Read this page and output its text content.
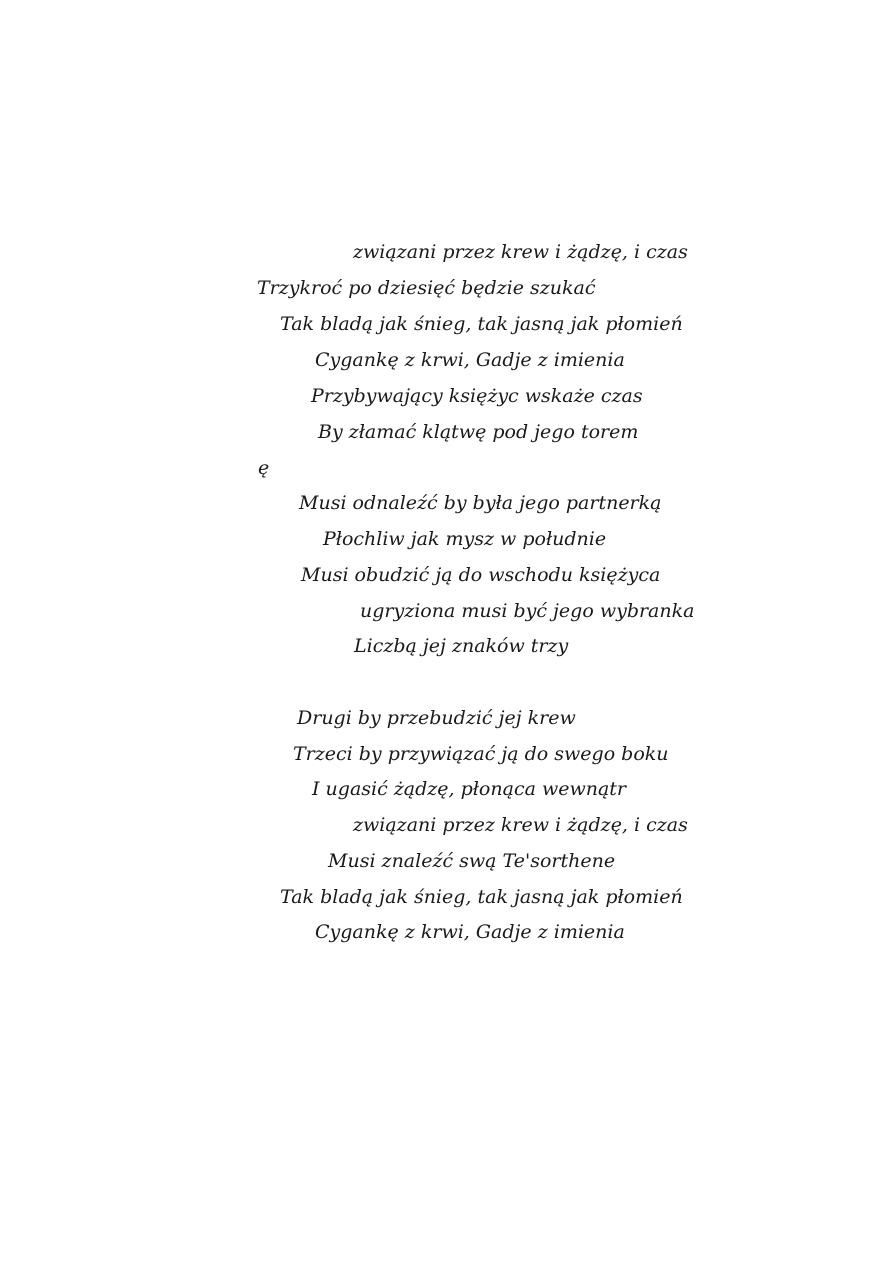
związani przez krew i żądzę, i czas
Trzykroć po dziesięć będzie szukać
Tak bladą jak śnieg, tak jasną jak płomień
Cygankę z krwi, Gadje z imienia
Przybywający księżyc wskaże czas
By złamać klątwę pod jego torem
ę
Musi odnaleźć by była jego partnerką
Płochliw jak mysz w południe
Musi obudzić ją do wschodu księżyca
ugryziona musi być jego wybranka
Liczbą jej znaków trzy
Drugi by przebudzić jej krew
Trzeci by przywiązać ją do swego boku
I ugasić żądzę, płonąca wewnątr
związani przez krew i żądzę, i czas
Musi znaleźć swą Te'sorthene
Tak bladą jak śnieg, tak jasną jak płomień
Cygankę z krwi, Gadje z imienia
